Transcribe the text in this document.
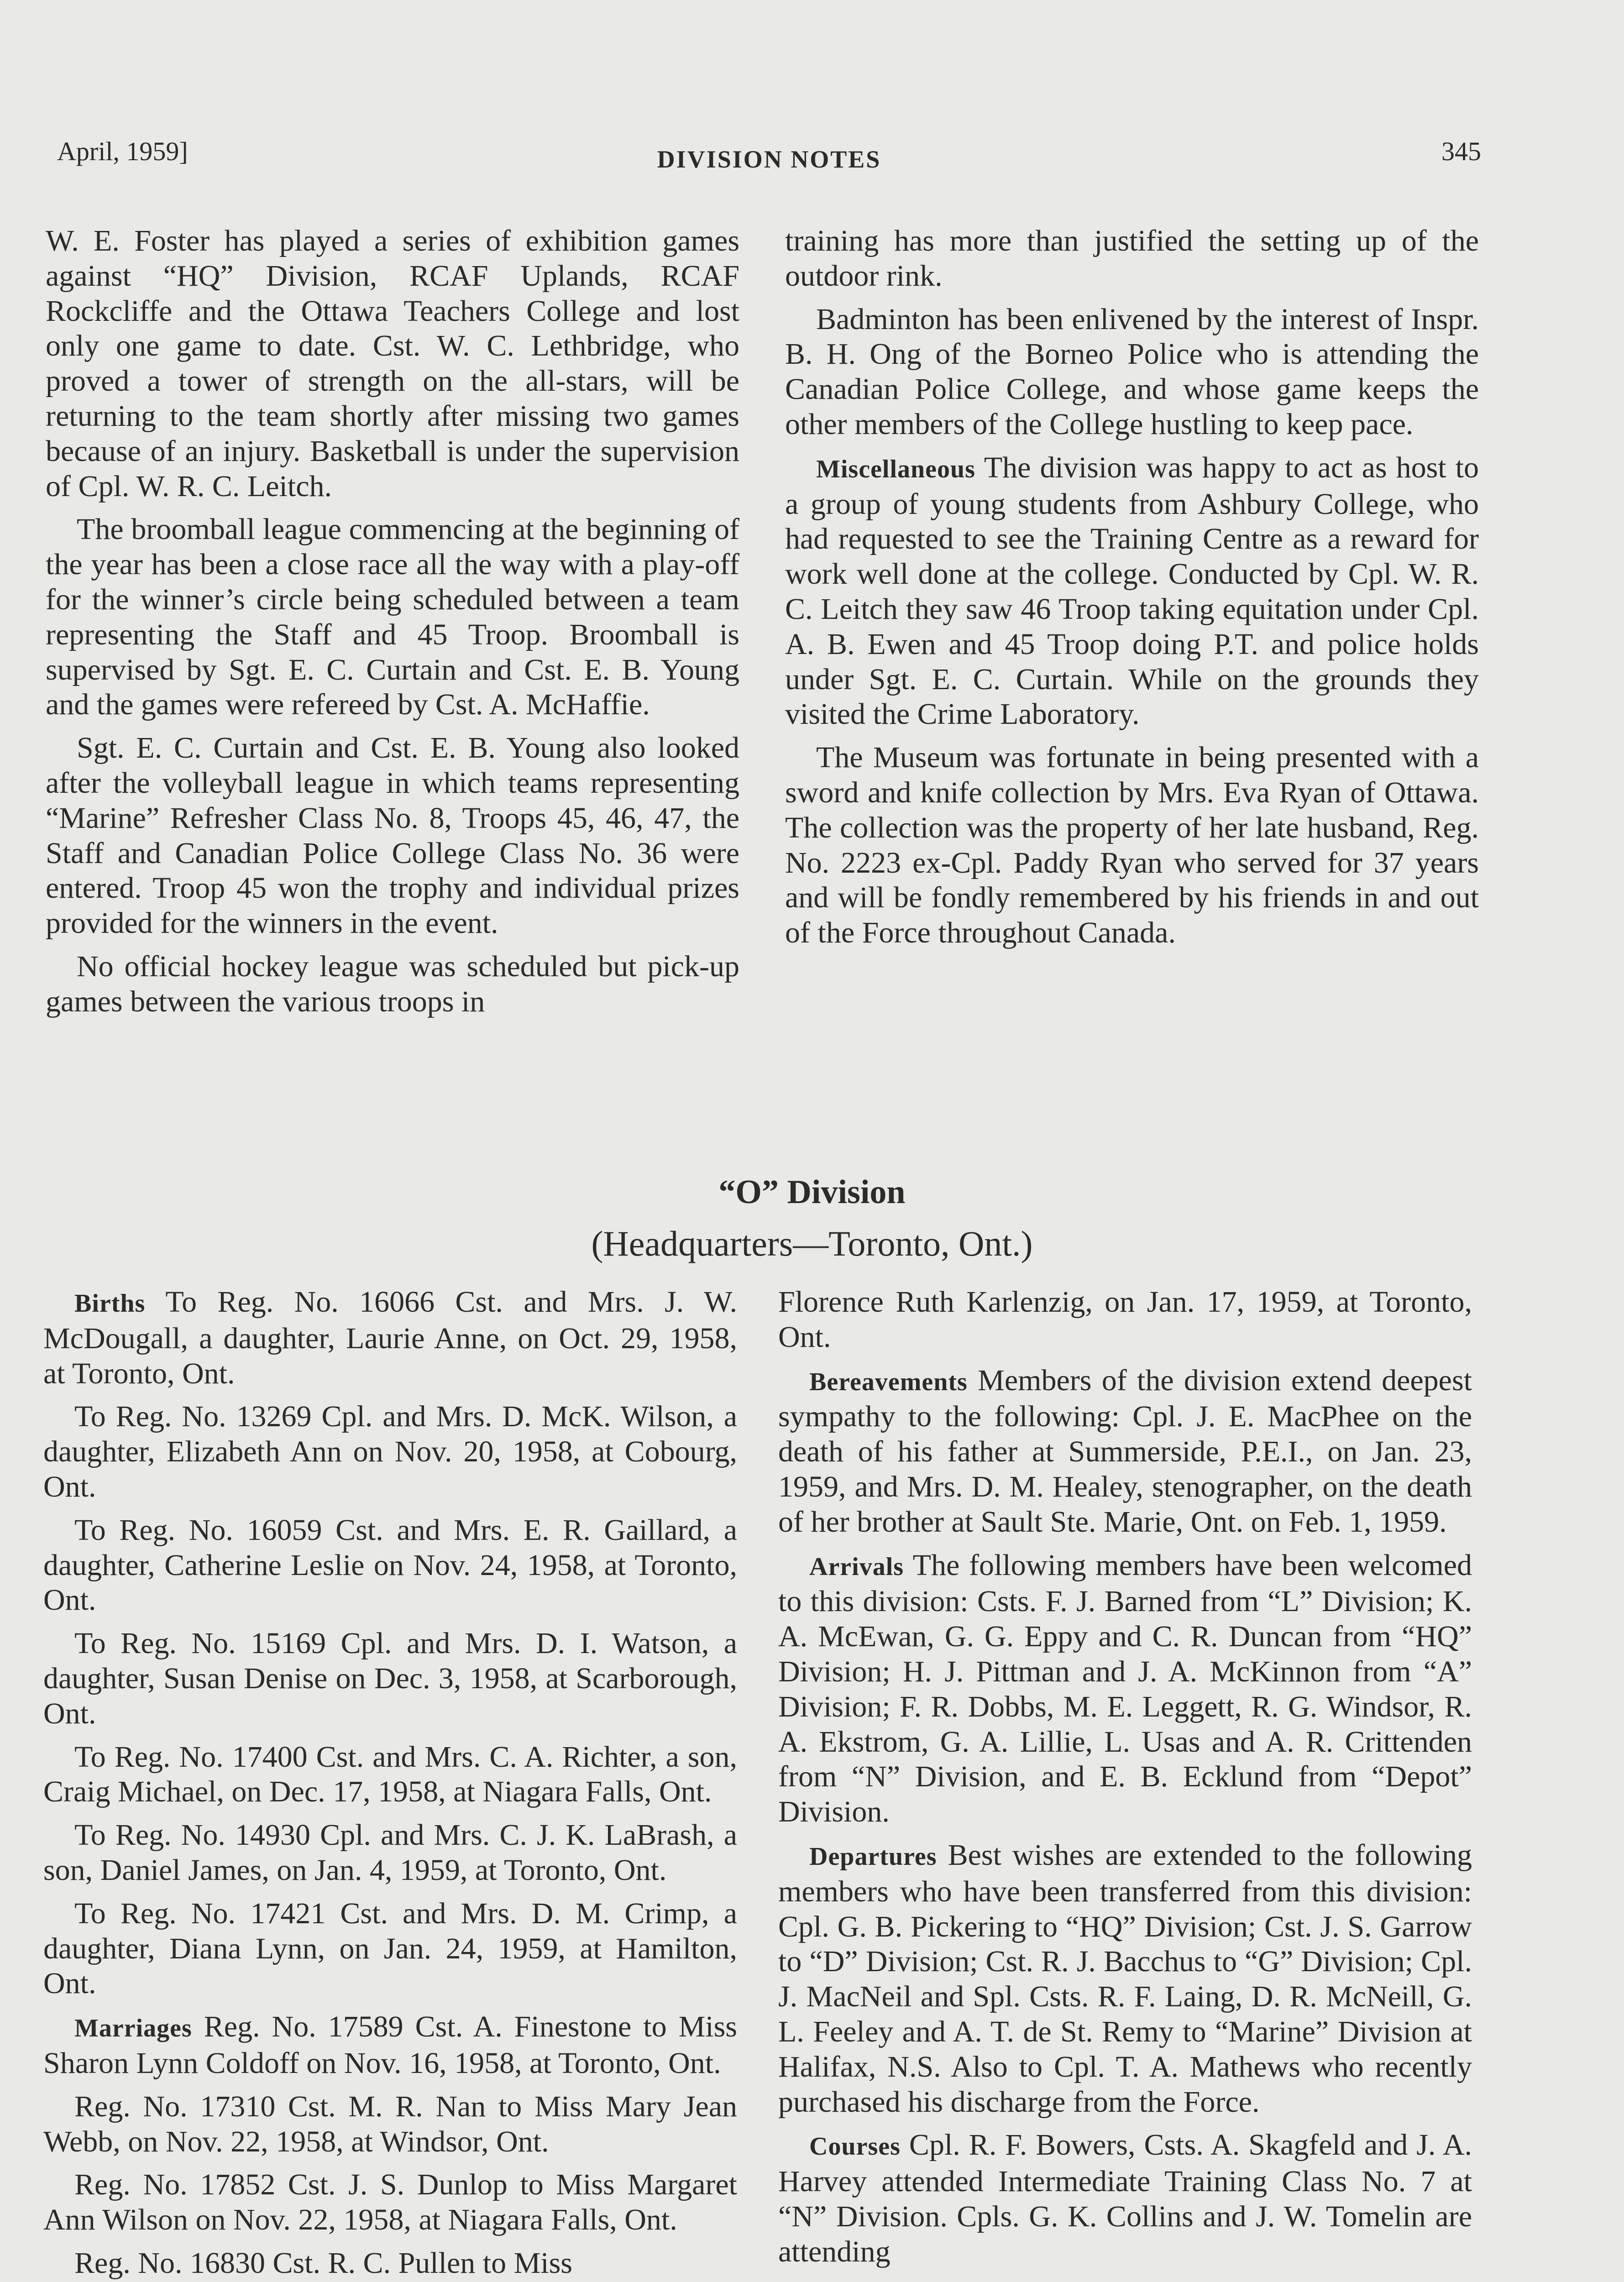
April, 1959]	DIVISION NOTES	345

W. E. Foster has played a series of exhibition games against “HQ” Division, RCAF Uplands, RCAF Rockcliffe and the Ottawa Teachers College and lost only one game to date. Cst. W. C. Lethbridge, who proved a tower of strength on the all-stars, will be returning to the team shortly after missing two games because of an injury. Basketball is under the supervision of Cpl. W. R. C. Leitch.

The broomball league commencing at the beginning of the year has been a close race all the way with a play-off for the winner’s circle being scheduled between a team representing the Staff and 45 Troop. Broomball is supervised by Sgt. E. C. Curtain and Cst. E. B. Young and the games were refereed by Cst. A. McHaffie.

Sgt. E. C. Curtain and Cst. E. B. Young also looked after the volleyball league in which teams representing “Marine” Refresher Class No. 8, Troops 45, 46, 47, the Staff and Canadian Police College Class No. 36 were entered. Troop 45 won the trophy and individual prizes provided for the winners in the event.

No official hockey league was scheduled but pick-up games between the various troops in

training has more than justified the setting up of the outdoor rink.

Badminton has been enlivened by the interest of Inspr. B. H. Ong of the Borneo Police who is attending the Canadian Police College, and whose game keeps the other members of the College hustling to keep pace.

Miscellaneous The division was happy to act as host to a group of young students from Ashbury College, who had requested to see the Training Centre as a reward for work well done at the college. Conducted by Cpl. W. R. C. Leitch they saw 46 Troop taking equitation under Cpl. A. B. Ewen and 45 Troop doing P.T. and police holds under Sgt. E. C. Curtain. While on the grounds they visited the Crime Laboratory.

The Museum was fortunate in being presented with a sword and knife collection by Mrs. Eva Ryan of Ottawa. The collection was the property of her late husband, Reg. No. 2223 ex-Cpl. Paddy Ryan who served for 37 years and will be fondly remembered by his friends in and out of the Force throughout Canada.

“O” Division
(Headquarters—Toronto, Ont.)

Births To Reg. No. 16066 Cst. and Mrs. J. W. McDougall, a daughter, Laurie Anne, on Oct. 29, 1958, at Toronto, Ont.

To Reg. No. 13269 Cpl. and Mrs. D. McK. Wilson, a daughter, Elizabeth Ann on Nov. 20, 1958, at Cobourg, Ont.

To Reg. No. 16059 Cst. and Mrs. E. R. Gaillard, a daughter, Catherine Leslie on Nov. 24, 1958, at Toronto, Ont.

To Reg. No. 15169 Cpl. and Mrs. D. I. Watson, a daughter, Susan Denise on Dec. 3, 1958, at Scarborough, Ont.

To Reg. No. 17400 Cst. and Mrs. C. A. Richter, a son, Craig Michael, on Dec. 17, 1958, at Niagara Falls, Ont.

To Reg. No. 14930 Cpl. and Mrs. C. J. K. LaBrash, a son, Daniel James, on Jan. 4, 1959, at Toronto, Ont.

To Reg. No. 17421 Cst. and Mrs. D. M. Crimp, a daughter, Diana Lynn, on Jan. 24, 1959, at Hamilton, Ont.

Marriages Reg. No. 17589 Cst. A. Finestone to Miss Sharon Lynn Coldoff on Nov. 16, 1958, at Toronto, Ont.

Reg. No. 17310 Cst. M. R. Nan to Miss Mary Jean Webb, on Nov. 22, 1958, at Windsor, Ont.

Reg. No. 17852 Cst. J. S. Dunlop to Miss Margaret Ann Wilson on Nov. 22, 1958, at Niagara Falls, Ont.

Reg. No. 16830 Cst. R. C. Pullen to Miss

Florence Ruth Karlenzig, on Jan. 17, 1959, at Toronto, Ont.

Bereavements Members of the division extend deepest sympathy to the following: Cpl. J. E. MacPhee on the death of his father at Summerside, P.E.I., on Jan. 23, 1959, and Mrs. D. M. Healey, stenographer, on the death of her brother at Sault Ste. Marie, Ont. on Feb. 1, 1959.

Arrivals The following members have been welcomed to this division: Csts. F. J. Barned from “L” Division; K. A. McEwan, G. G. Eppy and C. R. Duncan from “HQ” Division; H. J. Pittman and J. A. McKinnon from “A” Division; F. R. Dobbs, M. E. Leggett, R. G. Windsor, R. A. Ekstrom, G. A. Lillie, L. Usas and A. R. Crittenden from “N” Division, and E. B. Ecklund from “Depot” Division.

Departures Best wishes are extended to the following members who have been transferred from this division: Cpl. G. B. Pickering to “HQ” Division; Cst. J. S. Garrow to “D” Division; Cst. R. J. Bacchus to “G” Division; Cpl. J. MacNeil and Spl. Csts. R. F. Laing, D. R. McNeill, G. L. Feeley and A. T. de St. Remy to “Marine” Division at Halifax, N.S. Also to Cpl. T. A. Mathews who recently purchased his discharge from the Force.

Courses Cpl. R. F. Bowers, Csts. A. Skagfeld and J. A. Harvey attended Intermediate Training Class No. 7 at “N” Division. Cpls. G. K. Collins and J. W. Tomelin are attending
